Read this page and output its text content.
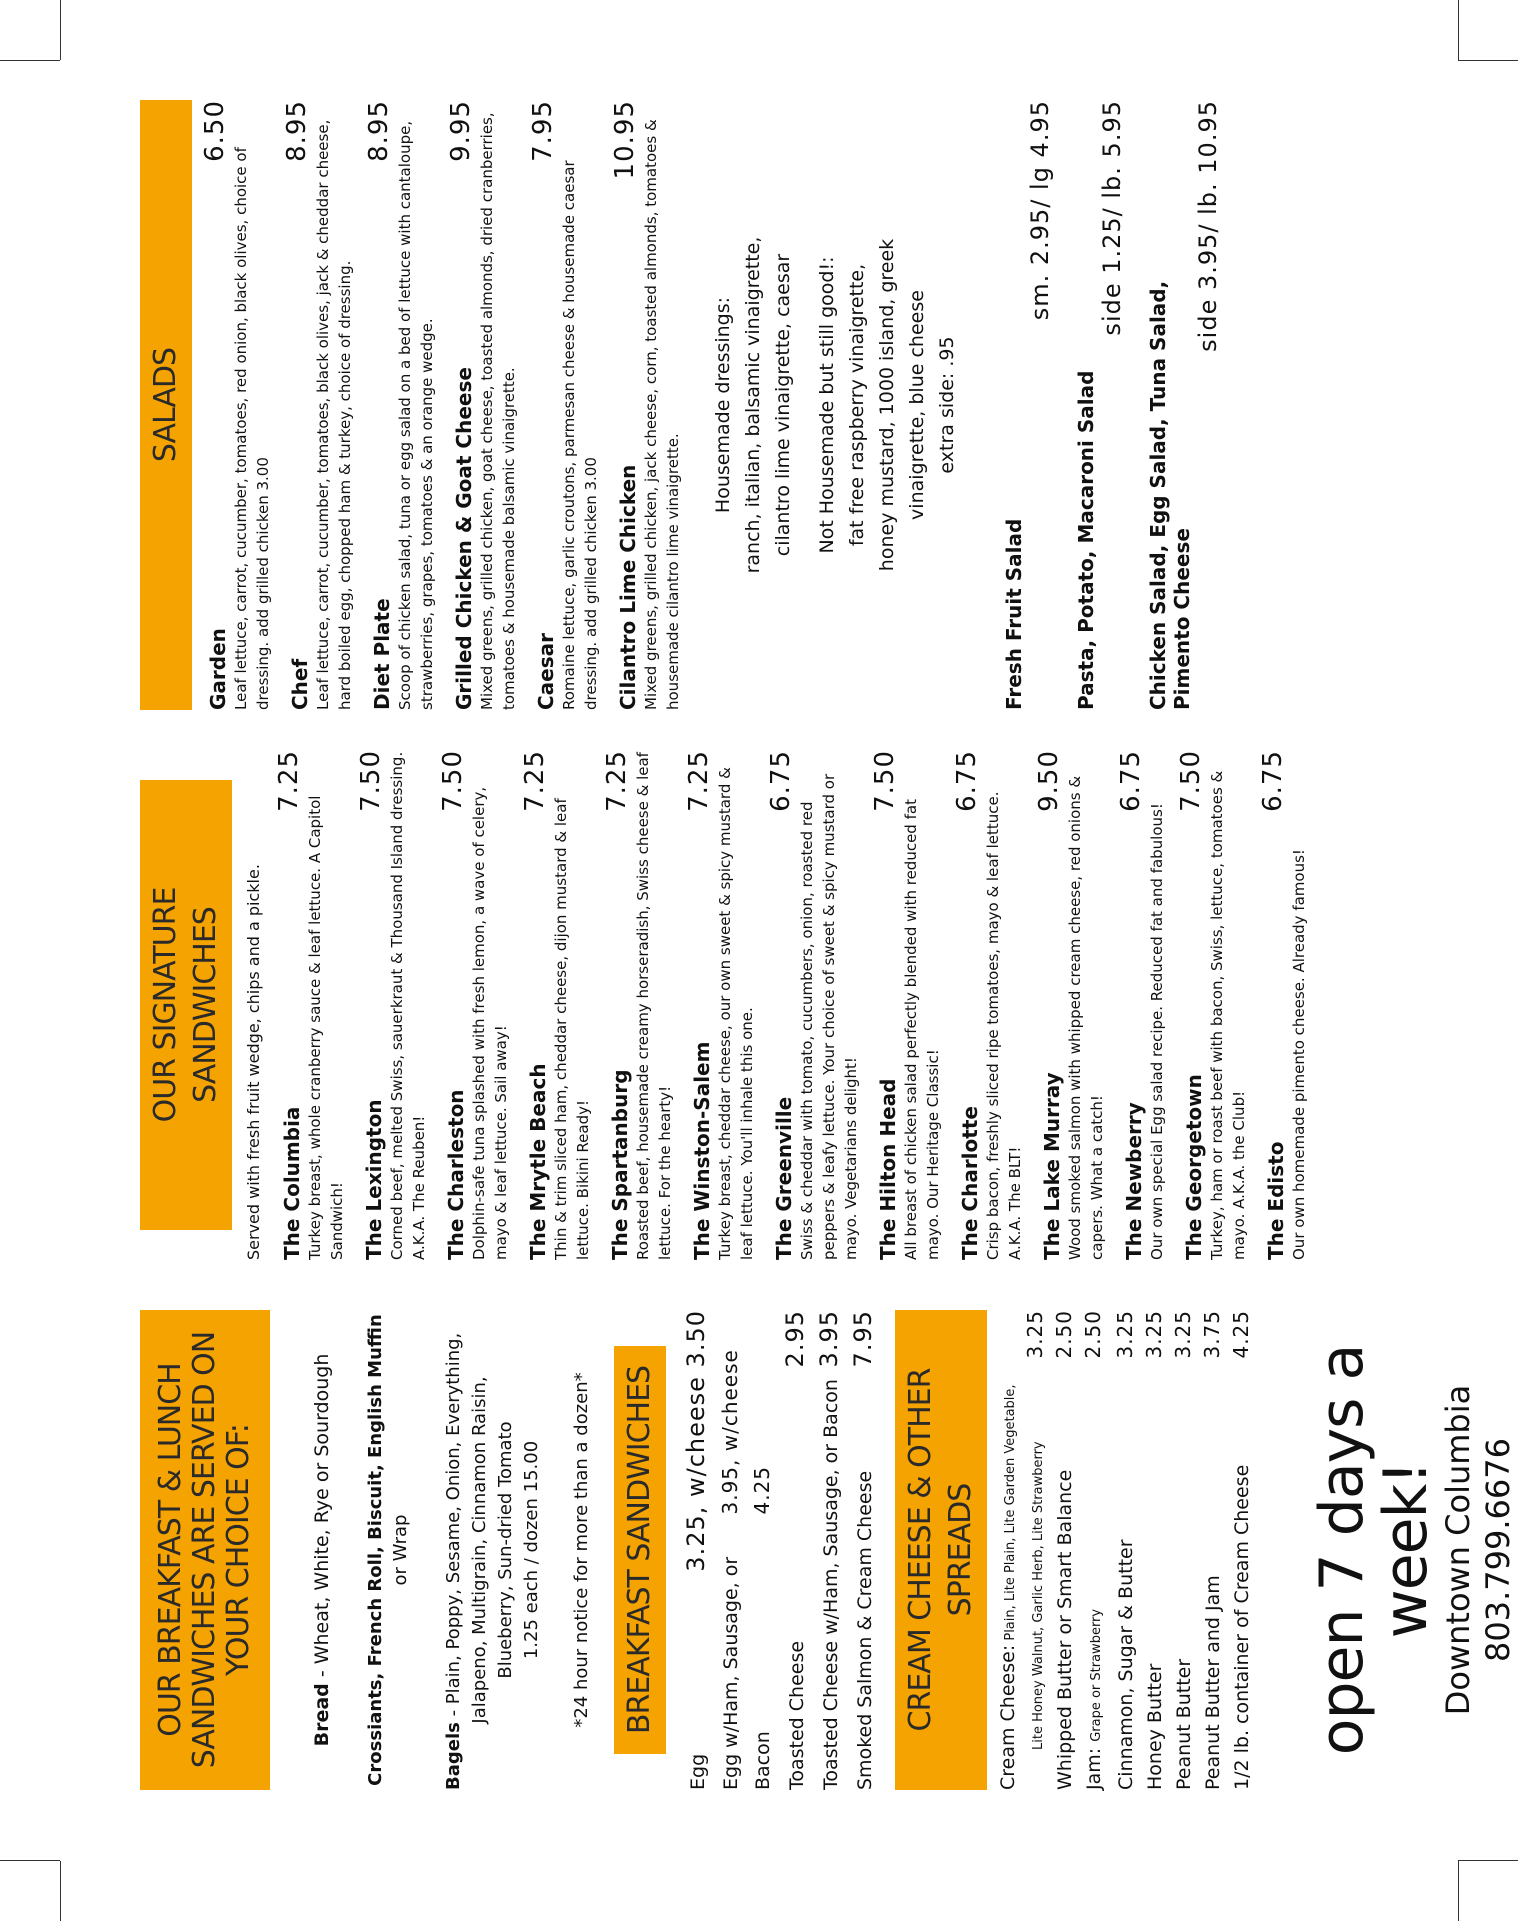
OUR BREAKFAST & LUNCH SANDWICHES ARE SERVED ON YOUR CHOICE OF:
Bread - Wheat, White, Rye or Sourdough Crossiants, French Roll, Biscuit, English Muffin or Wrap
Bagels - Plain, Poppy, Sesame, Onion, Everything, Jalapeno, Multigrain, Cinnamon Raisin, Blueberry, Sun-dried Tomato 1.25 each / dozen 15.00 *24 hour notice for more than a dozen* BREAKFAST SANDWICHES
Egg
3.25, w/cheese 3.50
Egg w/Ham, Sausage, or Bacon
3.95, w/cheese 4.25
Toasted Cheese
2.95
Toasted Cheese w/Ham, Sausage, or Bacon
3.95
Smoked Salmon & Cream Cheese
7.95
CREAM CHEESE & OTHER SPREADS
Cream Cheese: Plain, Lite Plain, Lite Garden Vegetable,	Lite Honey Walnut, Garlic Herb, Lite Strawberry
3.25
Whipped Butter or Smart Balance
2.50
Jam: Grape or Strawberry
2.50
Cinnamon, Sugar & Butter
3.25
Honey Butter
3.25
Peanut Butter
3.25
Peanut Butter and Jam
3.75
1/2 lb. container of Cream Cheese
4.25
open 7 days a week!
Downtown Columbia 803.799.6676
OUR SIGNATURE SANDWICHES	Served with fresh fruit wedge, chips and a pickle. The Columbia
7.25
Turkey breast, whole cranberry sauce & leaf lettuce. A Capitol Sandwich! The Lexington
7.50 Corned beef, melted Swiss, sauerkraut & Thousand Island dressing. A.K.A. The Reuben! The Charleston
7.50
Dolphin-safe tuna splashed with fresh lemon, a wave of celery, mayo & leaf lettuce. Sail away! The Mrytle Beach
7.25
Thin & trim sliced ham, cheddar cheese, dijon mustard & leaf lettuce. Bikini Ready! The Spartanburg
7.25 Roasted beef, housemade creamy horseradish, Swiss cheese & leaf lettuce. For the hearty! The Winston-Salem
7.25 Turkey breast, cheddar cheese, our own sweet & spicy mustard & leaf lettuce. You'll inhale this one. The Greenville
6.75
Swiss & cheddar with tomato, cucumbers, onion, roasted red peppers & leafy lettuce. Your choice of sweet & spicy mustard or mayo. Vegetarians delight! The Hilton Head
7.50
All breast of chicken salad perfectly blended with reduced fat mayo. Our Heritage Classic! The Charlotte
6.75
Crisp bacon, freshly sliced ripe tomatoes, mayo & leaf lettuce. A.K.A. The BLT! The Lake Murray
9.50 Wood smoked salmon with whipped cream cheese, red onions & capers. What a catch! The Newberry
6.75
Our own special Egg salad recipe. Reduced fat and fabulous! The Georgetown
7.50 Turkey, ham or roast beef with bacon, Swiss, lettuce, tomatoes & mayo. A.K.A. the Club! The Edisto
6.75
Our own homemade pimento cheese. Already famous!
SALADS
Garden
6.50
Leaf lettuce, carrot, cucumber, tomatoes, red onion, black olives, choice of dressing. add grilled chicken 3.00 Chef
8.95 Leaf lettuce, carrot, cucumber, tomatoes, black olives, jack & cheddar cheese, hard boiled egg, chopped ham & turkey, choice of dressing. Diet Plate
8.95 Scoop of chicken salad, tuna or egg salad on a bed of lettuce with cantaloupe, strawberries, grapes, tomatoes & an orange wedge. Grilled Chicken & Goat Cheese
9.95 Mixed greens, grilled chicken, goat cheese, toasted almonds, dried cranberries, tomatoes & housemade balsamic vinaigrette. Caesar
7.95
Romaine lettuce, garlic croutons, parmesan cheese & housemade caesar dressing. add grilled chicken 3.00 Cilantro Lime Chicken
10.95 Mixed greens, grilled chicken, jack cheese, corn, toasted almonds, tomatoes & housemade cilantro lime vinaigrette.
Housemade dressings: ranch, italian, balsamic vinaigrette, cilantro lime vinaigrette, caesar Not Housemade but still good!: fat free raspberry vinaigrette, honey mustard, 1000 island, greek vinaigrette, blue cheese extra side: .95
Fresh Fruit Salad
sm. 2.95/ lg 4.95
Pasta, Potato, Macaroni Salad
side 1.25/ lb. 5.95
Chicken Salad, Egg Salad, Tuna Salad, Pimento Cheese
side 3.95/ lb. 10.95
